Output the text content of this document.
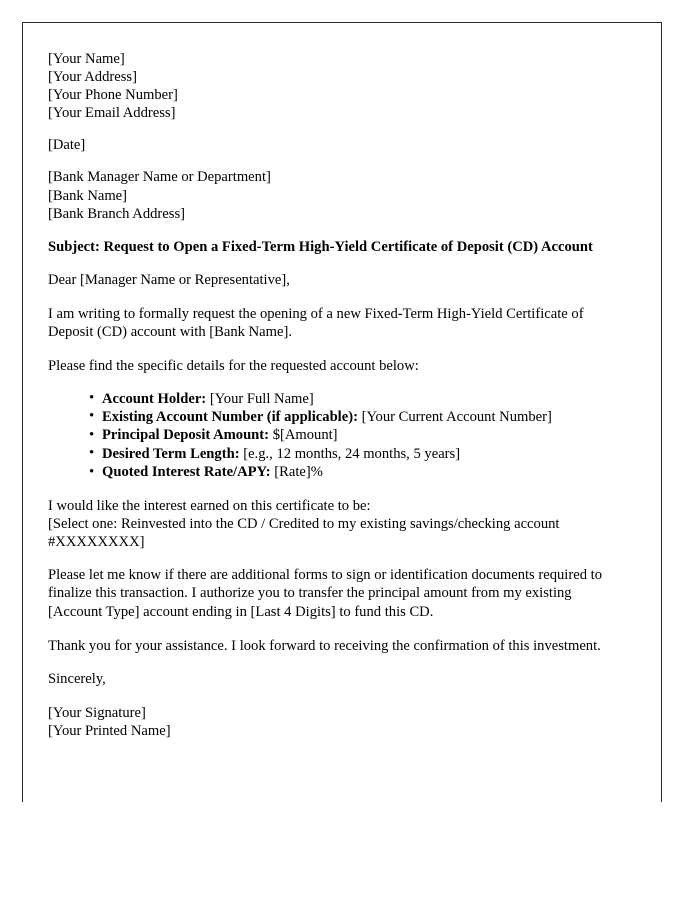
[Your Name]
[Your Address]
[Your Phone Number]
[Your Email Address]
[Date]
[Bank Manager Name or Department]
[Bank Name]
[Bank Branch Address]

Subject: Request to Open a Fixed-Term High-Yield Certificate of Deposit (CD) Account

Dear [Manager Name or Representative],

I am writing to formally request the opening of a new Fixed-Term High-Yield Certificate of Deposit (CD) account with [Bank Name].

Please find the specific details for the requested account below:

• Account Holder: [Your Full Name]
• Existing Account Number (if applicable): [Your Current Account Number]
• Principal Deposit Amount: $[Amount]
• Desired Term Length: [e.g., 12 months, 24 months, 5 years]
• Quoted Interest Rate/APY: [Rate]%
I would like the interest earned on this certificate to be:
[Select one: Reinvested into the CD / Credited to my existing savings/checking account #XXXXXXXX]

Please let me know if there are additional forms to sign or identification documents required to finalize this transaction. I authorize you to transfer the principal amount from my existing [Account Type] account ending in [Last 4 Digits] to fund this CD.

Thank you for your assistance. I look forward to receiving the confirmation of this investment.

Sincerely,

[Your Signature]
[Your Printed Name]
